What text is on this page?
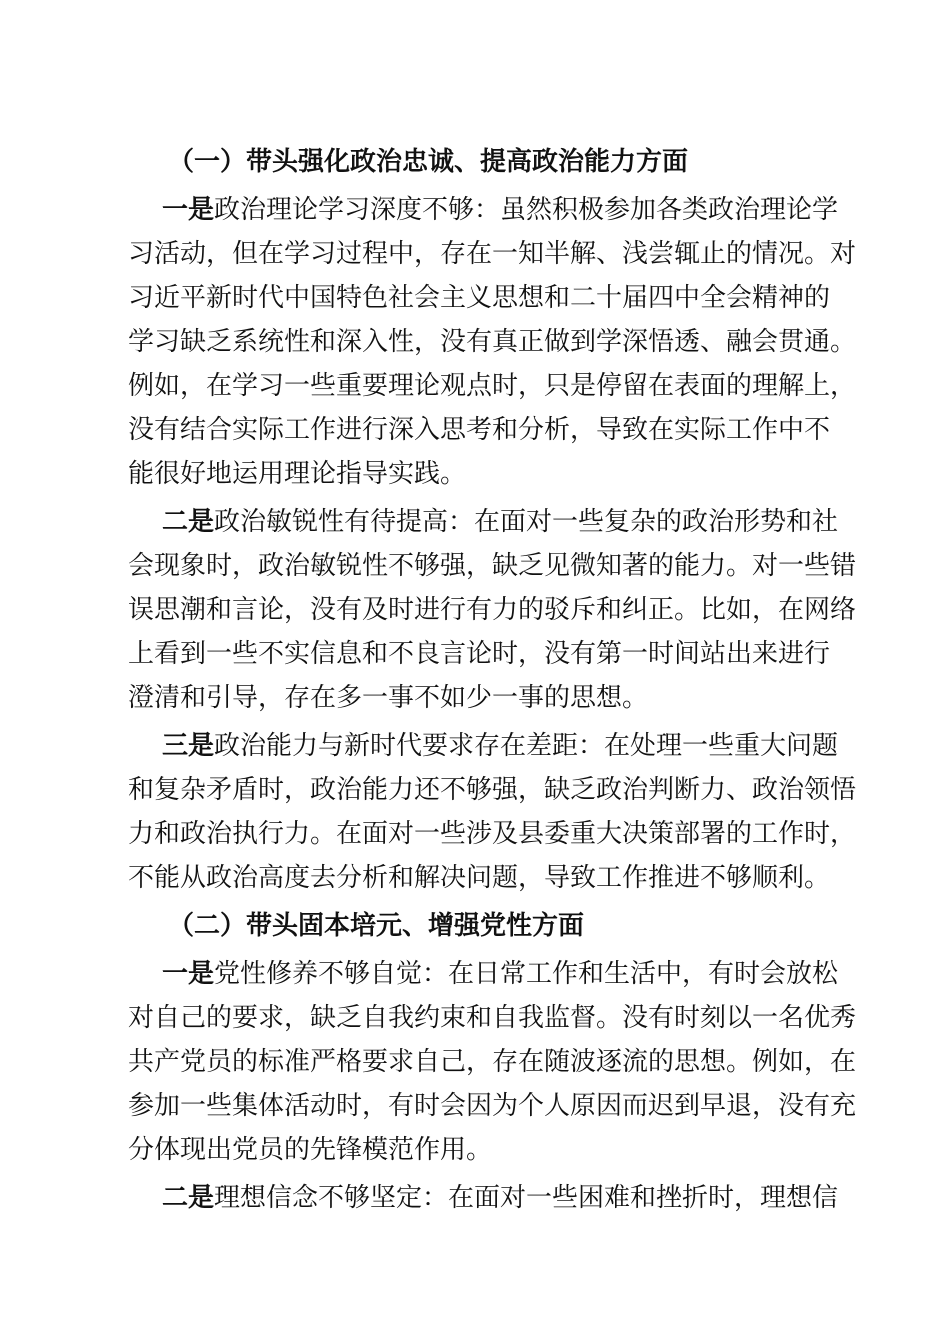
（一）带头强化政治忠诚、提高政治能力方面
一是政治理论学习深度不够：虽然积极参加各类政治理论学
习活动，但在学习过程中，存在一知半解、浅尝辄止的情况。对
习近平新时代中国特色社会主义思想和二十届四中全会精神的
学习缺乏系统性和深入性，没有真正做到学深悟透、融会贯通。
例如，在学习一些重要理论观点时，只是停留在表面的理解上，
没有结合实际工作进行深入思考和分析，导致在实际工作中不
能很好地运用理论指导实践。
二是政治敏锐性有待提高：在面对一些复杂的政治形势和社
会现象时，政治敏锐性不够强，缺乏见微知著的能力。对一些错
误思潮和言论，没有及时进行有力的驳斥和纠正。比如，在网络
上看到一些不实信息和不良言论时，没有第一时间站出来进行
澄清和引导，存在多一事不如少一事的思想。
三是政治能力与新时代要求存在差距：在处理一些重大问题
和复杂矛盾时，政治能力还不够强，缺乏政治判断力、政治领悟
力和政治执行力。在面对一些涉及县委重大决策部署的工作时，
不能从政治高度去分析和解决问题，导致工作推进不够顺利。
（二）带头固本培元、增强党性方面
一是党性修养不够自觉：在日常工作和生活中，有时会放松
对自己的要求，缺乏自我约束和自我监督。没有时刻以一名优秀
共产党员的标准严格要求自己，存在随波逐流的思想。例如，在
参加一些集体活动时，有时会因为个人原因而迟到早退，没有充
分体现出党员的先锋模范作用。
二是理想信念不够坚定：在面对一些困难和挫折时，理想信
